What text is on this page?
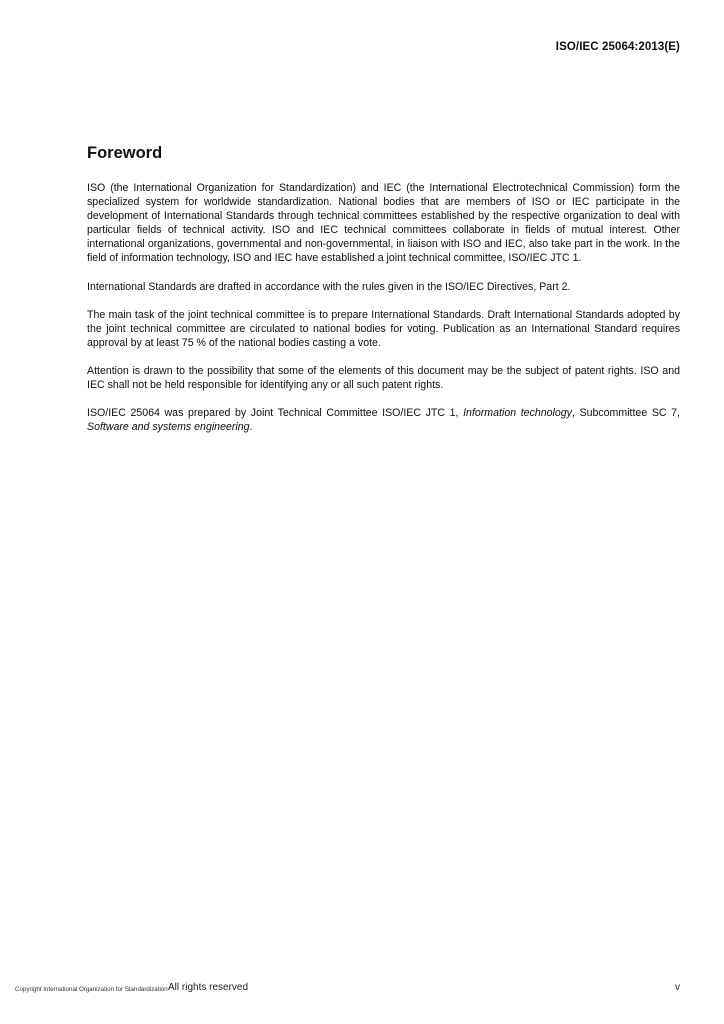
ISO/IEC 25064:2013(E)
Foreword

ISO (the International Organization for Standardization) and IEC (the International Electrotechnical Commission) form the specialized system for worldwide standardization. National bodies that are members of ISO or IEC participate in the development of International Standards through technical committees established by the respective organization to deal with particular fields of technical activity. ISO and IEC technical committees collaborate in fields of mutual interest. Other international organizations, governmental and non-governmental, in liaison with ISO and IEC, also take part in the work. In the field of information technology, ISO and IEC have established a joint technical committee, ISO/IEC JTC 1.

International Standards are drafted in accordance with the rules given in the ISO/IEC Directives, Part 2.

The main task of the joint technical committee is to prepare International Standards. Draft International Standards adopted by the joint technical committee are circulated to national bodies for voting. Publication as an International Standard requires approval by at least 75 % of the national bodies casting a vote.

Attention is drawn to the possibility that some of the elements of this document may be the subject of patent rights. ISO and IEC shall not be held responsible for identifying any or all such patent rights.

ISO/IEC 25064 was prepared by Joint Technical Committee ISO/IEC JTC 1, Information technology, Subcommittee SC 7, Software and systems engineering.

Copyright International Organization for Standardization All rights reserved	v
